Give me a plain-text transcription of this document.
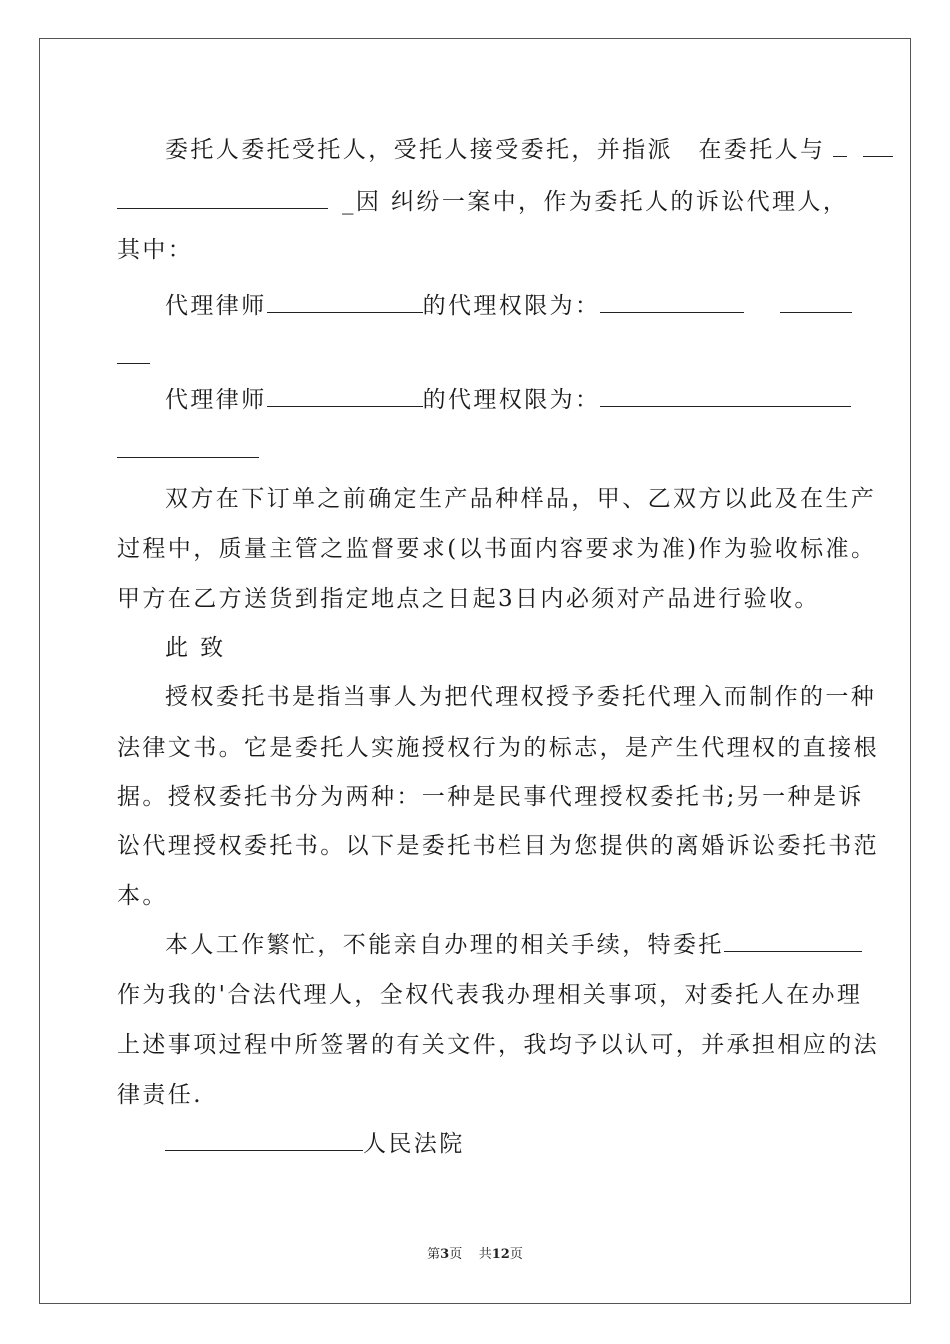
委托人委托受托人，受托人接受委托，并指派　在委托人与
_因 纠纷一案中，作为委托人的诉讼代理人，
其中：
代理律师	的代理权限为：
代理律师	的代理权限为：
双方在下订单之前确定生产品种样品，甲、乙双方以此及在生产
过程中，质量主管之监督要求(以书面内容要求为准)作为验收标准。
甲方在乙方送货到指定地点之日起3日内必须对产品进行验收。
此 致
授权委托书是指当事人为把代理权授予委托代理入而制作的一种
法律文书。它是委托人实施授权行为的标志，是产生代理权的直接根
据。授权委托书分为两种：一种是民事代理授权委托书;另一种是诉
讼代理授权委托书。以下是委托书栏目为您提供的离婚诉讼委托书范
本。
本人工作繁忙，不能亲自办理的相关手续，特委托
作为我的'合法代理人，全权代表我办理相关事项，对委托人在办理
上述事项过程中所签署的有关文件，我均予以认可，并承担相应的法
律责任.
人民法院
第3页 共12页
